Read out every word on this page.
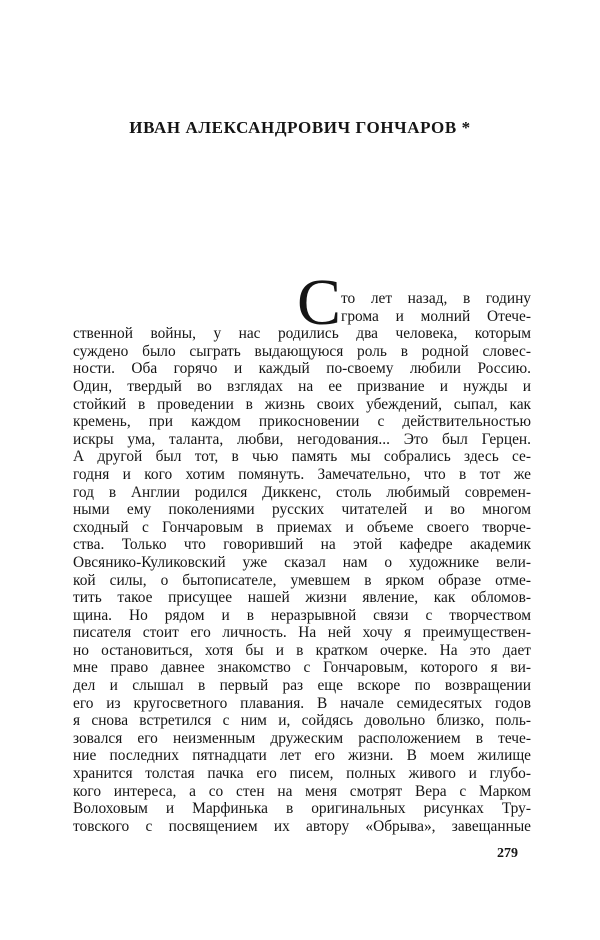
ИВАН АЛЕКСАНДРОВИЧ ГОНЧАРОВ *
С то лет назад, в годину
грома и молний Отече-
ственной войны, у нас родились два человека, которым
суждено было сыграть выдающуюся роль в родной словес-
ности. Оба горячо и каждый по-своему любили Россию.
Один, твердый во взглядах на ее призвание и нужды и
стойкий в проведении в жизнь своих убеждений, сыпал, как
кремень, при каждом прикосновении с действительностью
искры ума, таланта, любви, негодования... Это был Герцен.
А другой был тот, в чью память мы собрались здесь се-
годня и кого хотим помянуть. Замечательно, что в тот же
год в Англии родился Диккенс, столь любимый современ-
ными ему поколениями русских читателей и во многом
сходный с Гончаровым в приемах и объеме своего творче-
ства. Только что говоривший на этой кафедре академик
Овсянико-Куликовский уже сказал нам о художнике вели-
кой силы, о бытописателе, умевшем в ярком образе отме-
тить такое присущее нашей жизни явление, как обломов-
щина. Но рядом и в неразрывной связи с творчеством
писателя стоит его личность. На ней хочу я преимуществен-
но остановиться, хотя бы и в кратком очерке. На это дает
мне право давнее знакомство с Гончаровым, которого я ви-
дел и слышал в первый раз еще вскоре по возвращении
его из кругосветного плавания. В начале семидесятых годов
я снова встретился с ним и, сойдясь довольно близко, поль-
зовался его неизменным дружеским расположением в тече-
ние последних пятнадцати лет его жизни. В моем жилище
хранится толстая пачка его писем, полных живого и глубо-
кого интереса, а со стен на меня смотрят Вера с Марком
Волоховым и Марфинька в оригинальных рисунках Тру-
товского с посвящением их автору «Обрыва», завещанные
279
